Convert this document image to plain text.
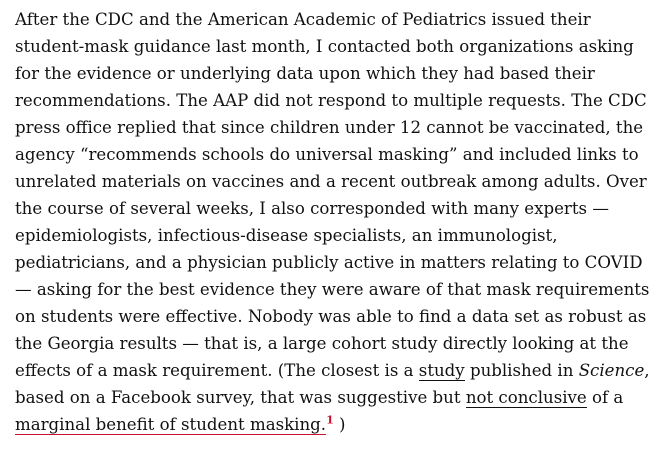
After the CDC and the American Academic of Pediatrics issued their
student-mask guidance last month, I contacted both organizations asking
for the evidence or underlying data upon which they had based their
recommendations. The AAP did not respond to multiple requests. The CDC
press office replied that since children under 12 cannot be vaccinated, the
agency “recommends schools do universal masking” and included links to
unrelated materials on vaccines and a recent outbreak among adults. Over
the course of several weeks, I also corresponded with many experts —
epidemiologists, infectious-disease specialists, an immunologist,
pediatricians, and a physician publicly active in matters relating to COVID
— asking for the best evidence they were aware of that mask requirements
on students were effective. Nobody was able to find a data set as robust as
the Georgia results — that is, a large cohort study directly looking at the
effects of a mask requirement. (The closest is a study published in Science,
based on a Facebook survey, that was suggestive but not conclusive of a
marginal benefit of student masking.$^1$ )
